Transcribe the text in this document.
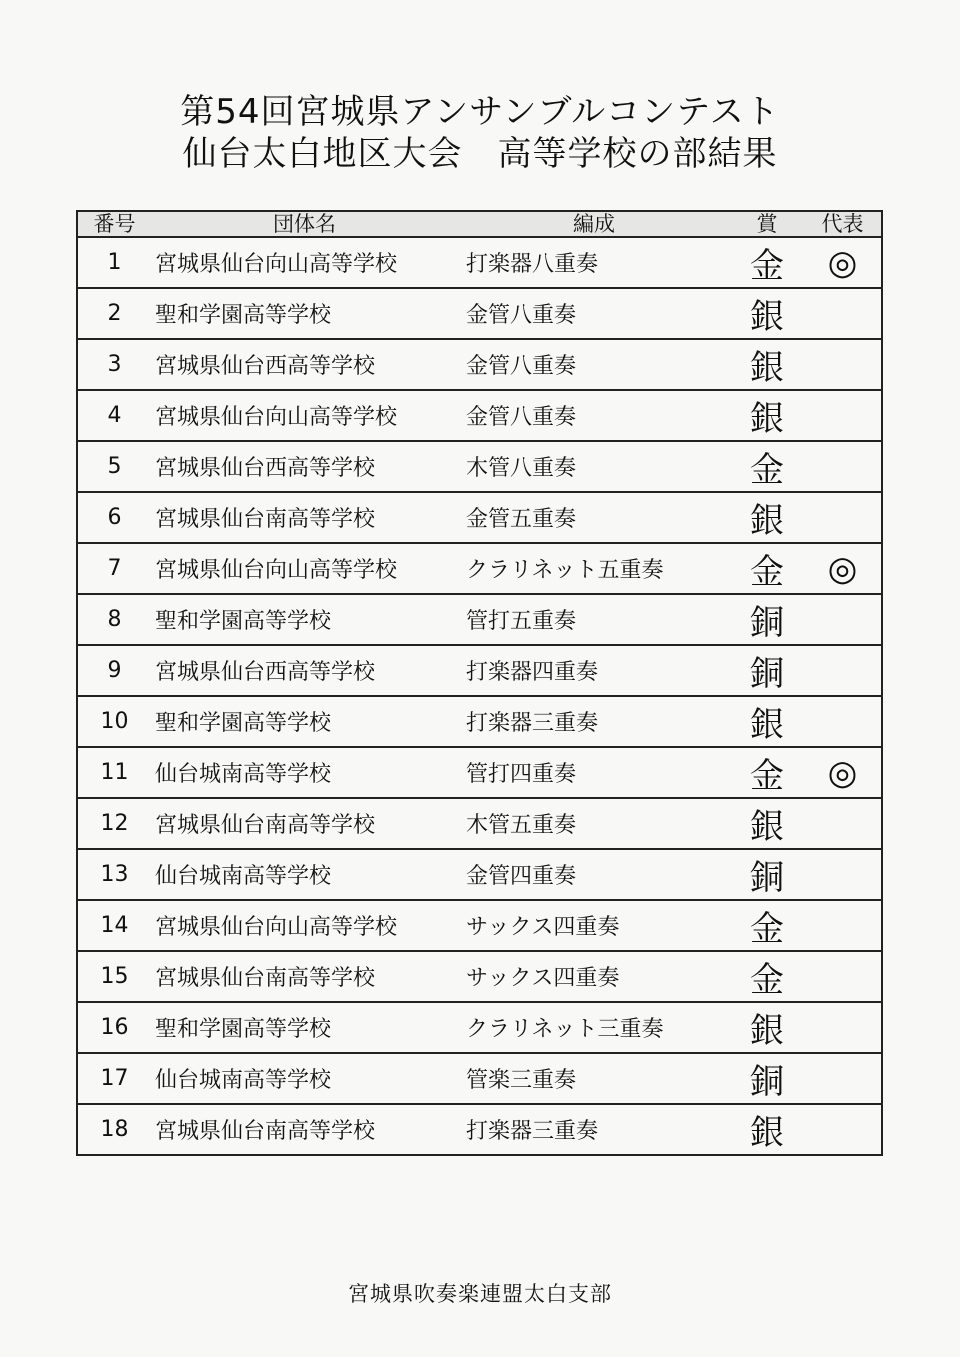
第54回宮城県アンサンブルコンテスト
仙台太白地区大会　高等学校の部結果
番号	団体名	編成	賞	代表
1	宮城県仙台向山高等学校	打楽器八重奏	金	◎
2	聖和学園高等学校	金管八重奏	銀	
3	宮城県仙台西高等学校	金管八重奏	銀	
4	宮城県仙台向山高等学校	金管八重奏	銀	
5	宮城県仙台西高等学校	木管八重奏	金	
6	宮城県仙台南高等学校	金管五重奏	銀	
7	宮城県仙台向山高等学校	クラリネット五重奏	金	◎
8	聖和学園高等学校	管打五重奏	銅	
9	宮城県仙台西高等学校	打楽器四重奏	銅	
10	聖和学園高等学校	打楽器三重奏	銀	
11	仙台城南高等学校	管打四重奏	金	◎
12	宮城県仙台南高等学校	木管五重奏	銀	
13	仙台城南高等学校	金管四重奏	銅	
14	宮城県仙台向山高等学校	サックス四重奏	金	
15	宮城県仙台南高等学校	サックス四重奏	金	
16	聖和学園高等学校	クラリネット三重奏	銀	
17	仙台城南高等学校	管楽三重奏	銅	
18	宮城県仙台南高等学校	打楽器三重奏	銀	
宮城県吹奏楽連盟太白支部
